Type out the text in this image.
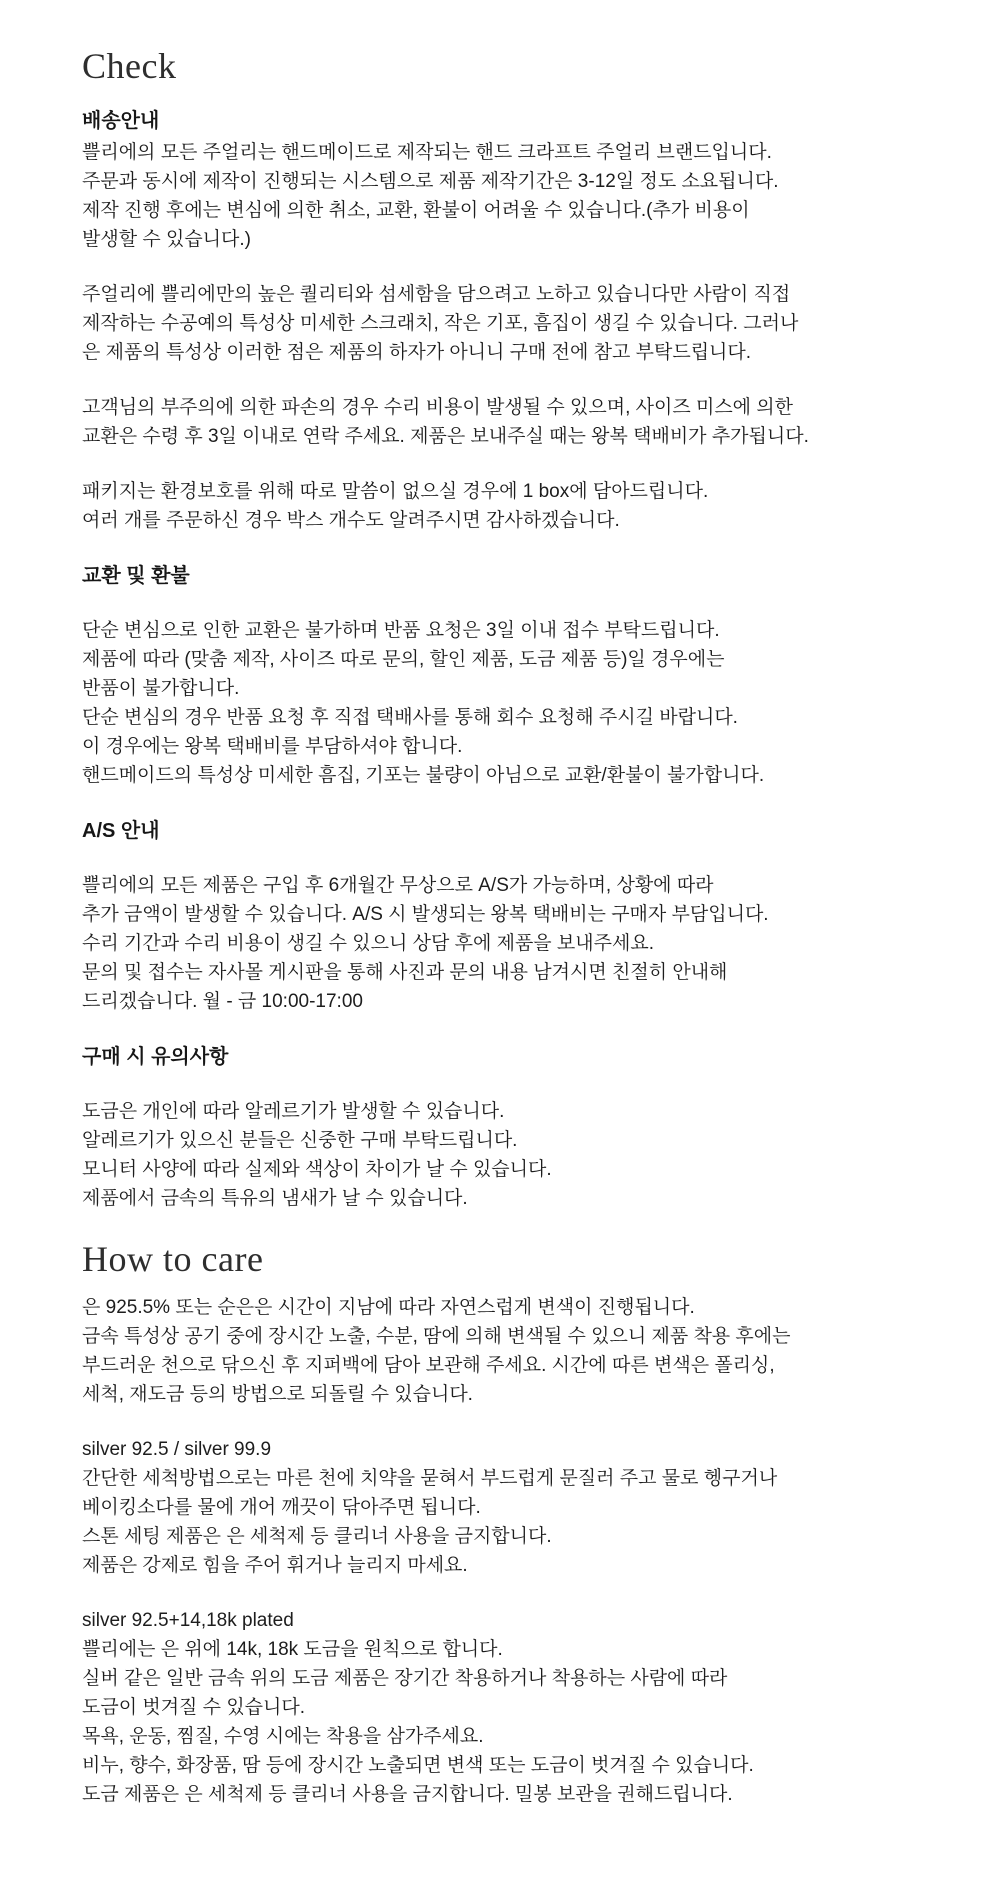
Check
배송안내
쁠리에의 모든 주얼리는 핸드메이드로 제작되는 핸드 크라프트 주얼리 브랜드입니다.
주문과 동시에 제작이 진행되는 시스템으로 제품 제작기간은 3-12일 정도 소요됩니다.
제작 진행 후에는 변심에 의한 취소, 교환, 환불이 어려울 수 있습니다.(추가 비용이
발생할 수 있습니다.)
주얼리에 쁠리에만의 높은 퀄리티와 섬세함을 담으려고 노하고 있습니다만 사람이 직접
제작하는 수공예의 특성상 미세한 스크래치, 작은 기포, 흠집이 생길 수 있습니다. 그러나
은 제품의 특성상 이러한 점은 제품의 하자가 아니니 구매 전에 참고 부탁드립니다.
고객님의 부주의에 의한 파손의 경우 수리 비용이 발생될 수 있으며, 사이즈 미스에 의한
교환은 수령 후 3일 이내로 연락 주세요. 제품은 보내주실 때는 왕복 택배비가 추가됩니다.
패키지는 환경보호를 위해 따로 말씀이 없으실 경우에 1 box에 담아드립니다.
여러 개를 주문하신 경우 박스 개수도 알려주시면 감사하겠습니다.
교환 및 환불
단순 변심으로 인한 교환은 불가하며 반품 요청은 3일 이내 접수 부탁드립니다.
제품에 따라 (맞춤 제작, 사이즈 따로 문의, 할인 제품, 도금 제품 등)일 경우에는
반품이 불가합니다.
단순 변심의 경우 반품 요청 후 직접 택배사를 통해 회수 요청해 주시길 바랍니다.
이 경우에는 왕복 택배비를 부담하셔야 합니다.
핸드메이드의 특성상 미세한 흠집, 기포는 불량이 아님으로 교환/환불이 불가합니다.
A/S 안내
쁠리에의 모든 제품은 구입 후 6개월간 무상으로 A/S가 가능하며, 상황에 따라
추가 금액이 발생할 수 있습니다. A/S 시 발생되는 왕복 택배비는 구매자 부담입니다.
수리 기간과 수리 비용이 생길 수 있으니 상담 후에 제품을 보내주세요.
문의 및 접수는 자사몰 게시판을 통해 사진과 문의 내용 남겨시면 친절히 안내해
드리겠습니다. 월 - 금 10:00-17:00
구매 시 유의사항
도금은 개인에 따라 알레르기가 발생할 수 있습니다.
알레르기가 있으신 분들은 신중한 구매 부탁드립니다.
모니터 사양에 따라 실제와 색상이 차이가 날 수 있습니다.
제품에서 금속의 특유의 냄새가 날 수 있습니다.
How to care
은 925.5% 또는 순은은 시간이 지남에 따라 자연스럽게 변색이 진행됩니다.
금속 특성상 공기 중에 장시간 노출, 수분, 땀에 의해 변색될 수 있으니 제품 착용 후에는
부드러운 천으로 닦으신 후 지퍼백에 담아 보관해 주세요. 시간에 따른 변색은 폴리싱,
세척, 재도금 등의 방법으로 되돌릴 수 있습니다.
silver 92.5 / silver 99.9
간단한 세척방법으로는 마른 천에 치약을 묻혀서 부드럽게 문질러 주고 물로 헹구거나
베이킹소다를 물에 개어 깨끗이 닦아주면 됩니다.
스톤 세팅 제품은 은 세척제 등 클리너 사용을 금지합니다.
제품은 강제로 힘을 주어 휘거나 늘리지 마세요.
silver 92.5+14,18k plated
쁠리에는 은 위에 14k, 18k 도금을 원칙으로 합니다.
실버 같은 일반 금속 위의 도금 제품은 장기간 착용하거나 착용하는 사람에 따라
도금이 벗겨질 수 있습니다.
목욕, 운동, 찜질, 수영 시에는 착용을 삼가주세요.
비누, 향수, 화장품, 땀 등에 장시간 노출되면 변색 또는 도금이 벗겨질 수 있습니다.
도금 제품은 은 세척제 등 클리너 사용을 금지합니다. 밀봉 보관을 권해드립니다.
